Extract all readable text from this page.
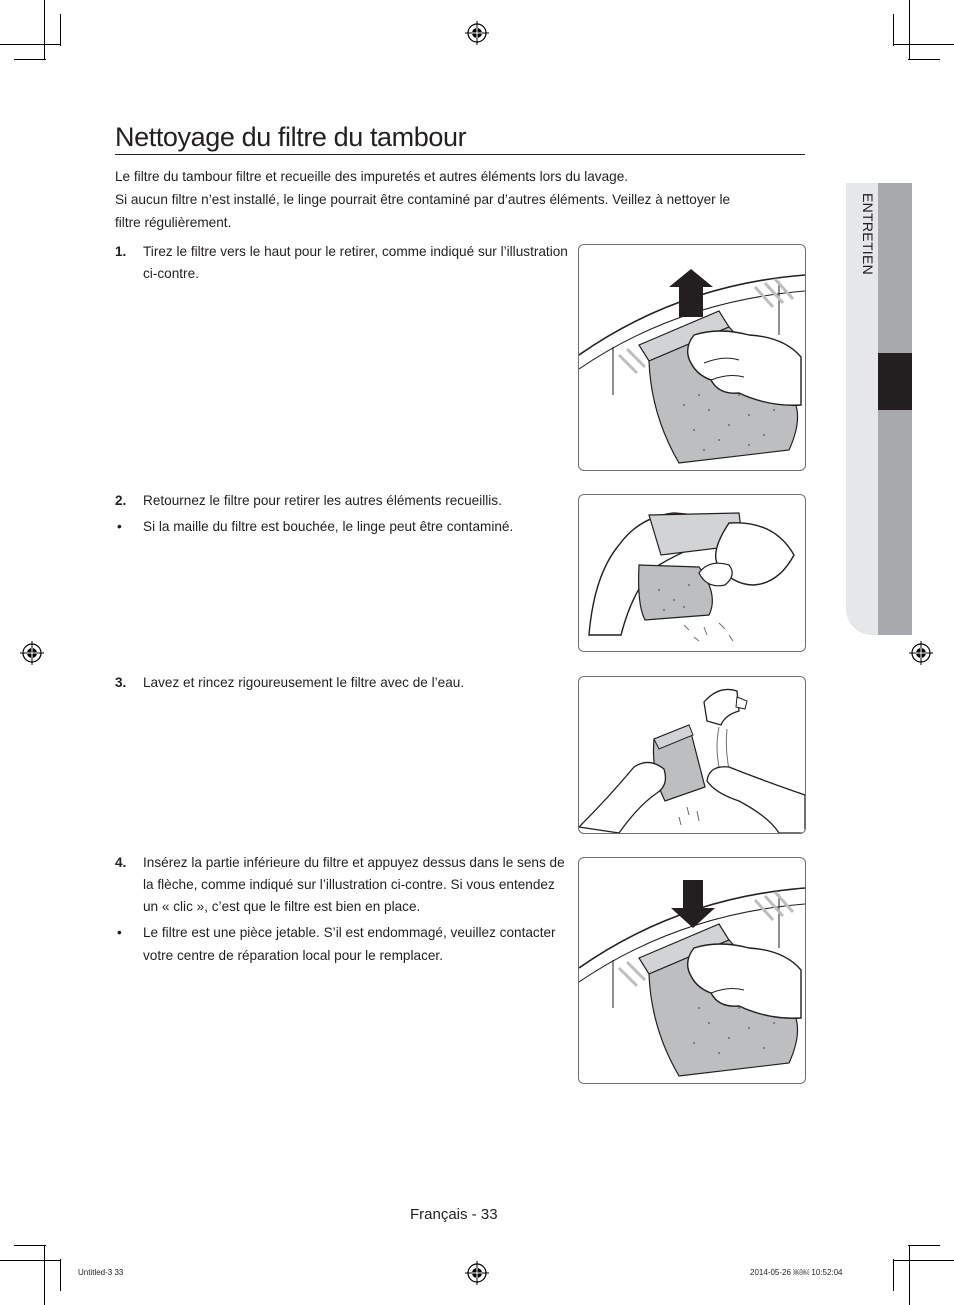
Nettoyage du filtre du tambour

Le filtre du tambour filtre et recueille des impuretés et autres éléments lors du lavage.

Si aucun filtre n’est installé, le linge pourrait être contaminé par d’autres éléments. Veillez à nettoyer le filtre régulièrement.

1. Tirez le filtre vers le haut pour le retirer, comme indiqué sur l’illustration ci-contre.
2. Retournez le filtre pour retirer les autres éléments recueillis.
• Si la maille du filtre est bouchée, le linge peut être contaminé.
3. Lavez et rincez rigoureusement le filtre avec de l’eau.
4. Insérez la partie inférieure du filtre et appuyez dessus dans le sens de la flèche, comme indiqué sur l’illustration ci-contre. Si vous entendez un « clic », c’est que le filtre est bien en place.
• Le filtre est une pièce jetable. S’il est endommagé, veuillez contacter votre centre de réparation local pour le remplacer.
ENTRETIEN
Français - 33
Untitled-3 33	2014-05-26 ￼￼ 10:52:04
